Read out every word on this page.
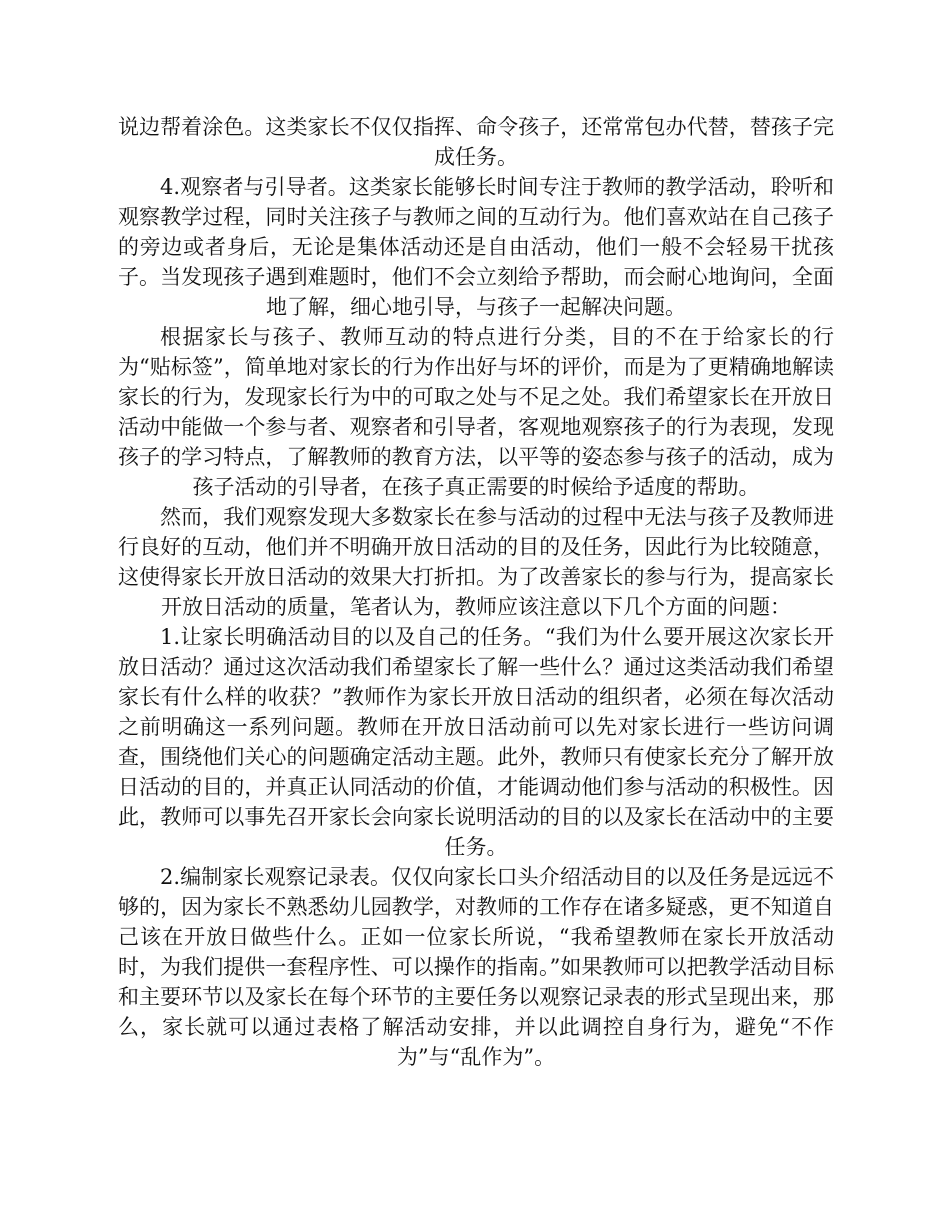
说边帮着涂色。这类家长不仅仅指挥、命令孩子，还常常包办代替，替孩子完成任务。

4.观察者与引导者。这类家长能够长时间专注于教师的教学活动，聆听和观察教学过程，同时关注孩子与教师之间的互动行为。他们喜欢站在自己孩子的旁边或者身后，无论是集体活动还是自由活动，他们一般不会轻易干扰孩子。当发现孩子遇到难题时，他们不会立刻给予帮助，而会耐心地询问，全面地了解，细心地引导，与孩子一起解决问题。

根据家长与孩子、教师互动的特点进行分类，目的不在于给家长的行为“贴标签”，简单地对家长的行为作出好与坏的评价，而是为了更精确地解读家长的行为，发现家长行为中的可取之处与不足之处。我们希望家长在开放日活动中能做一个参与者、观察者和引导者，客观地观察孩子的行为表现，发现孩子的学习特点，了解教师的教育方法，以平等的姿态参与孩子的活动，成为孩子活动的引导者，在孩子真正需要的时候给予适度的帮助。

然而，我们观察发现大多数家长在参与活动的过程中无法与孩子及教师进行良好的互动，他们并不明确开放日活动的目的及任务，因此行为比较随意，这使得家长开放日活动的效果大打折扣。为了改善家长的参与行为，提高家长开放日活动的质量，笔者认为，教师应该注意以下几个方面的问题：

1.让家长明确活动目的以及自己的任务。“我们为什么要开展这次家长开放日活动？通过这次活动我们希望家长了解一些什么？通过这类活动我们希望家长有什么样的收获？”教师作为家长开放日活动的组织者，必须在每次活动之前明确这一系列问题。教师在开放日活动前可以先对家长进行一些访问调查，围绕他们关心的问题确定活动主题。此外，教师只有使家长充分了解开放日活动的目的，并真正认同活动的价值，才能调动他们参与活动的积极性。因此，教师可以事先召开家长会向家长说明活动的目的以及家长在活动中的主要任务。

2.编制家长观察记录表。仅仅向家长口头介绍活动目的以及任务是远远不够的，因为家长不熟悉幼儿园教学，对教师的工作存在诸多疑惑，更不知道自己该在开放日做些什么。正如一位家长所说，“我希望教师在家长开放活动时，为我们提供一套程序性、可以操作的指南。”如果教师可以把教学活动目标和主要环节以及家长在每个环节的主要任务以观察记录表的形式呈现出来，那么，家长就可以通过表格了解活动安排，并以此调控自身行为，避免“不作为”与“乱作为”。
